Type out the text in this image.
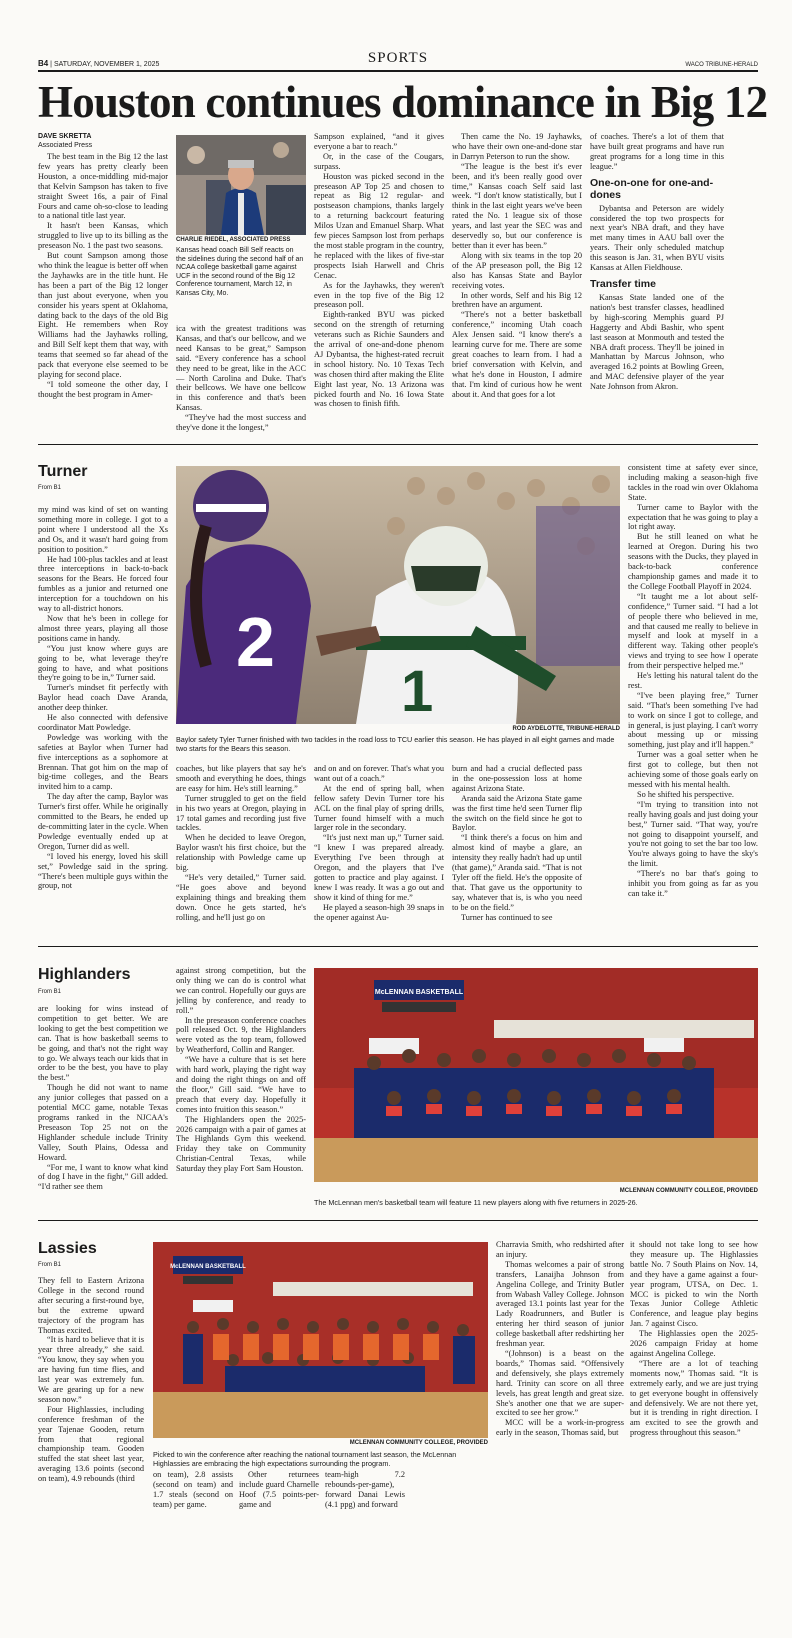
B4 | SATURDAY, NOVEMBER 1, 2025	SPORTS	WACO TRIBUNE-HERALD
Houston continues dominance in Big 12

DAVE SKRETTA

Associated Press

The best team in the Big 12 the last few years has pretty clearly been Houston, a once-middling mid-major that Kelvin Sampson has taken to five straight Sweet 16s, a pair of Final Fours and came oh-so-close to leading to a national title last year.

It hasn't been Kansas, which struggled to live up to its billing as the preseason No. 1 the past two seasons.

But count Sampson among those who think the league is better off when the Jayhawks are in the title hunt. He has been a part of the Big 12 longer than just about everyone, when you consider his years spent at Oklahoma, dating back to the days of the old Big Eight. He remembers when Roy Williams had the Jayhawks rolling, and Bill Self kept them that way, with teams that seemed so far ahead of the pack that everyone else seemed to be playing for second place.

“I told someone the other day, I thought the best program in Amer-

CHARLIE RIEDEL, ASSOCIATED PRESS
Kansas head coach Bill Self reacts on the sidelines during the second half of an NCAA college basketball game against UCF in the second round of the Big 12 Conference tournament, March 12, in Kansas City, Mo.

ica with the greatest traditions was Kansas, and that's our bellcow, and we need Kansas to be great,” Sampson said. “Every conference has a school they need to be great, like in the ACC — North Carolina and Duke. That's their bellcows. We have one bellcow in this conference and that's been Kansas.

“They've had the most success and they've done it the longest,”

Sampson explained, “and it gives everyone a bar to reach.”

Or, in the case of the Cougars, surpass.

Houston was picked second in the preseason AP Top 25 and chosen to repeat as Big 12 regular- and postseason champions, thanks largely to a returning backcourt featuring Milos Uzan and Emanuel Sharp. What few pieces Sampson lost from perhaps the most stable program in the country, he replaced with the likes of five-star prospects Isiah Harwell and Chris Cenac.

As for the Jayhawks, they weren't even in the top five of the Big 12 preseason poll.

Eighth-ranked BYU was picked second on the strength of returning veterans such as Richie Saunders and the arrival of one-and-done phenom AJ Dybantsa, the highest-rated recruit in school history. No. 10 Texas Tech was chosen third after making the Elite Eight last year, No. 13 Arizona was picked fourth and No. 16 Iowa State was chosen to finish fifth.

Then came the No. 19 Jayhawks, who have their own one-and-done star in Darryn Peterson to run the show.

“The league is the best it's ever been, and it's been really good over time,” Kansas coach Self said last week. “I don't know statistically, but I think in the last eight years we've been rated the No. 1 league six of those years, and last year the SEC was and deservedly so, but our conference is better than it ever has been.”

Along with six teams in the top 20 of the AP preseason poll, the Big 12 also has Kansas State and Baylor receiving votes.

In other words, Self and his Big 12 brethren have an argument.

“There's not a better basketball conference,” incoming Utah coach Alex Jensen said. “I know there's a learning curve for me. There are some great coaches to learn from. I had a brief conversation with Kelvin, and what he's done in Houston, I admire that. I'm kind of curious how he went about it. And that goes for a lot

of coaches. There's a lot of them that have built great programs and have run great programs for a long time in this league.”

One-on-one for one-and-dones

Dybantsa and Peterson are widely considered the top two prospects for next year's NBA draft, and they have met many times in AAU ball over the years. Their only scheduled matchup this season is Jan. 31, when BYU visits Kansas at Allen Fieldhouse.

Transfer time

Kansas State landed one of the nation's best transfer classes, headlined by high-scoring Memphis guard PJ Haggerty and Abdi Bashir, who spent last season at Monmouth and tested the NBA draft process. They'll be joined in Manhattan by Marcus Johnson, who averaged 16.2 points at Bowling Green, and MAC defensive player of the year Nate Johnson from Akron.

Turner
From B1
2
1
ROD AYDELOTTE, TRIBUNE-HERALD
Baylor safety Tyler Turner finished with two tackles in the road loss to TCU earlier this season. He has played in all eight games and made two starts for the Bears this season.

my mind was kind of set on wanting something more in college. I got to a point where I understood all the Xs and Os, and it wasn't hard going from position to position.”

He had 100-plus tackles and at least three interceptions in back-to-back seasons for the Bears. He forced four fumbles as a junior and returned one interception for a touchdown on his way to all-district honors.

Now that he's been in college for almost three years, playing all those positions came in handy.

“You just know where guys are going to be, what leverage they're going to have, and what positions they're going to be in,” Turner said.

Turner's mindset fit perfectly with Baylor head coach Dave Aranda, another deep thinker.

He also connected with defensive coordinator Matt Powledge.

Powledge was working with the safeties at Baylor when Turner had five interceptions as a sophomore at Brennan. That got him on the map of big-time colleges, and the Bears invited him to a camp.

The day after the camp, Baylor was Turner's first offer. While he originally committed to the Bears, he ended up de-committing later in the cycle. When Powledge eventually ended up at Oregon, Turner did as well.

“I loved his energy, loved his skill set,” Powledge said in the spring. “There's been multiple guys within the group, not

coaches, but like players that say he's smooth and everything he does, things are easy for him. He's still learning.”

Turner struggled to get on the field in his two years at Oregon, playing in 17 total games and recording just five tackles.

When he decided to leave Oregon, Baylor wasn't his first choice, but the relationship with Powledge came up big.

“He's very detailed,” Turner said. “He goes above and beyond explaining things and breaking them down. Once he gets started, he's rolling, and he'll just go on

and on and on forever. That's what you want out of a coach.”

At the end of spring ball, when fellow safety Devin Turner tore his ACL on the final play of spring drills, Turner found himself with a much larger role in the secondary.

“It's just next man up,” Turner said. “I knew I was prepared already. Everything I've been through at Oregon, and the players that I've gotten to practice and play against. I knew I was ready. It was a go out and show it kind of thing for me.”

He played a season-high 39 snaps in the opener against Au-

burn and had a crucial deflected pass in the one-possession loss at home against Arizona State.

Aranda said the Arizona State game was the first time he'd seen Turner flip the switch on the field since he got to Baylor.

“I think there's a focus on him and almost kind of maybe a glare, an intensity they really hadn't had up until (that game),” Aranda said. “That is not Tyler off the field. He's the opposite of that. That gave us the opportunity to say, whatever that is, is who you need to be on the field.”

Turner has continued to see

consistent time at safety ever since, including making a season-high five tackles in the road win over Oklahoma State.

Turner came to Baylor with the expectation that he was going to play a lot right away.

But he still leaned on what he learned at Oregon. During his two seasons with the Ducks, they played in back-to-back conference championship games and made it to the College Football Playoff in 2024.

“It taught me a lot about self-confidence,” Turner said. “I had a lot of people there who believed in me, and that caused me really to believe in myself and look at myself in a different way. Taking other people's views and trying to see how I operate from their perspective helped me.”

He's letting his natural talent do the rest.

“I've been playing free,” Turner said. “That's been something I've had to work on since I got to college, and in general, is just playing. I can't worry about messing up or missing something, just play and it'll happen.”

Turner was a goal setter when he first got to college, but then not achieving some of those goals early on messed with his mental health.

So he shifted his perspective.

“I'm trying to transition into not really having goals and just doing your best,” Turner said. “That way, you're not going to disappoint yourself, and you're not going to set the bar too low. You're always going to have the sky's the limit.

“There's no bar that's going to inhibit you from going as far as you can take it.”

Highlanders
From B1

are looking for wins instead of competition to get better. We are looking to get the best competition we can. That is how basketball seems to be going, and that's not the right way to go. We always teach our kids that in order to be the best, you have to play the best.”

Though he did not want to name any junior colleges that passed on a potential MCC game, notable Texas programs ranked in the NJCAA's Preseason Top 25 not on the Highlander schedule include Trinity Valley, South Plains, Odessa and Howard.

“For me, I want to know what kind of dog I have in the fight,” Gill added. “I'd rather see them

against strong competition, but the only thing we can do is control what we can control. Hopefully our guys are jelling by conference, and ready to roll.”

In the preseason conference coaches poll released Oct. 9, the Highlanders were voted as the top team, followed by Weatherford, Collin and Ranger.

“We have a culture that is set here with hard work, playing the right way and doing the right things on and off the floor,” Gill said. “We have to preach that every day. Hopefully it comes into fruition this season.”

The Highlanders open the 2025-2026 campaign with a pair of games at The Highlands Gym this weekend. Friday they take on Community Christian-Central Texas, while Saturday they play Fort Sam Houston.

McLENNAN BASKETBALL
MCLENNAN COMMUNITY COLLEGE, PROVIDED
The McLennan men's basketball team will feature 11 new players along with five returners in 2025-26.
Lassies
From B1

They fell to Eastern Arizona College in the second round after securing a first-round bye, but the extreme upward trajectory of the program has Thomas excited.

“It is hard to believe that it is year three already,” she said. “You know, they say when you are having fun time flies, and last year was extremely fun. We are gearing up for a new season now.”

Four Highlassies, including conference freshman of the year Tajenae Gooden, return from that regional championship team. Gooden stuffed the stat sheet last year, averaging 13.6 points (second on team), 4.9 rebounds (third

McLENNAN BASKETBALL
MCLENNAN COMMUNITY COLLEGE, PROVIDED
Picked to win the conference after reaching the national tournament last season, the McLennan Highlassies are embracing the high expectations surrounding the program.

on team), 2.8 assists (second on team) and 1.7 steals (second on team) per game.

Other returnees include guard Charnelle Hoof (7.5 points-per-game and

team-high 7.2 rebounds-per-game), forward Danai Lewis (4.1 ppg) and forward

Charravia Smith, who redshirted after an injury.

Thomas welcomes a pair of strong transfers, Lanaijha Johnson from Angelina College, and Trinity Butler from Wabash Valley College. Johnson averaged 13.1 points last year for the Lady Roadrunners, and Butler is entering her third season of junior college basketball after redshirting her freshman year.

“(Johnson) is a beast on the boards,” Thomas said. “Offensively and defensively, she plays extremely hard. Trinity can score on all three levels, has great length and great size. She's another one that we are super-excited to see her grow.”

MCC will be a work-in-progress early in the season, Thomas said, but

it should not take long to see how they measure up. The Highlassies battle No. 7 South Plains on Nov. 14, and they have a game against a four-year program, UTSA, on Dec. 1. MCC is picked to win the North Texas Junior College Athletic Conference, and league play begins Jan. 7 against Cisco.

The Highlassies open the 2025-2026 campaign Friday at home against Angelina College.

“There are a lot of teaching moments now,” Thomas said. “It is extremely early, and we are just trying to get everyone bought in offensively and defensively. We are not there yet, but it is trending in right direction. I am excited to see the growth and progress throughout this season.”
